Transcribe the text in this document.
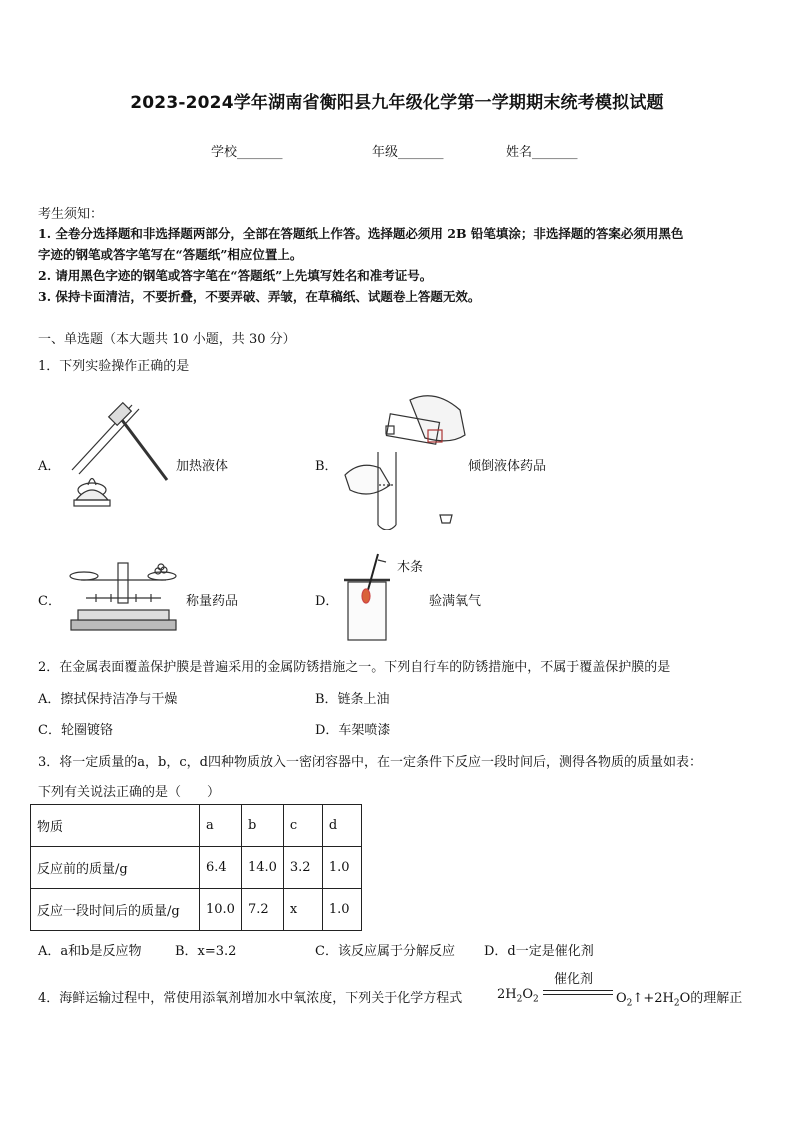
2023-2024学年湖南省衡阳县九年级化学第一学期期末统考模拟试题
学校_______	年级_______	姓名_______
考生须知：
1. 全卷分选择题和非选择题两部分，全部在答题纸上作答。选择题必须用 2B 铅笔填涂；非选择题的答案必须用黑色
字迹的钢笔或答字笔写在“答题纸”相应位置上。
2. 请用黑色字迹的钢笔或答字笔在“答题纸”上先填写姓名和准考证号。
3. 保持卡面清洁，不要折叠，不要弄破、弄皱，在草稿纸、试题卷上答题无效。
一、单选题（本大题共 10 小题，共 30 分）
1．下列实验操作正确的是
A．	加热液体	B．	倾倒液体药品
C．	称量药品	D．
木条
验满氧气
2．在金属表面覆盖保护膜是普遍采用的金属防锈措施之一。下列自行车的防锈措施中，不属于覆盖保护膜的是
A．擦拭保持洁净与干燥	B．链条上油
C．轮圈镀铬	D．车架喷漆
3．将一定质量的a，b，c，d四种物质放入一密闭容器中，在一定条件下反应一段时间后，测得各物质的质量如表：
下列有关说法正确的是（　　）
物质	a	b	c	d
反应前的质量/g	6.4	14.0	3.2	1.0
反应一段时间后的质量/g	10.0	7.2	x	1.0
A．a和b是反应物	B．x=3.2	C．该反应属于分解反应 D．d一定是催化剂
4．海鲜运输过程中，常使用添氧剂增加水中氧浓度，下列关于化学方程式	$2H_2O_2$
催化剂
$O_2↑+2H_2O$的理解正
